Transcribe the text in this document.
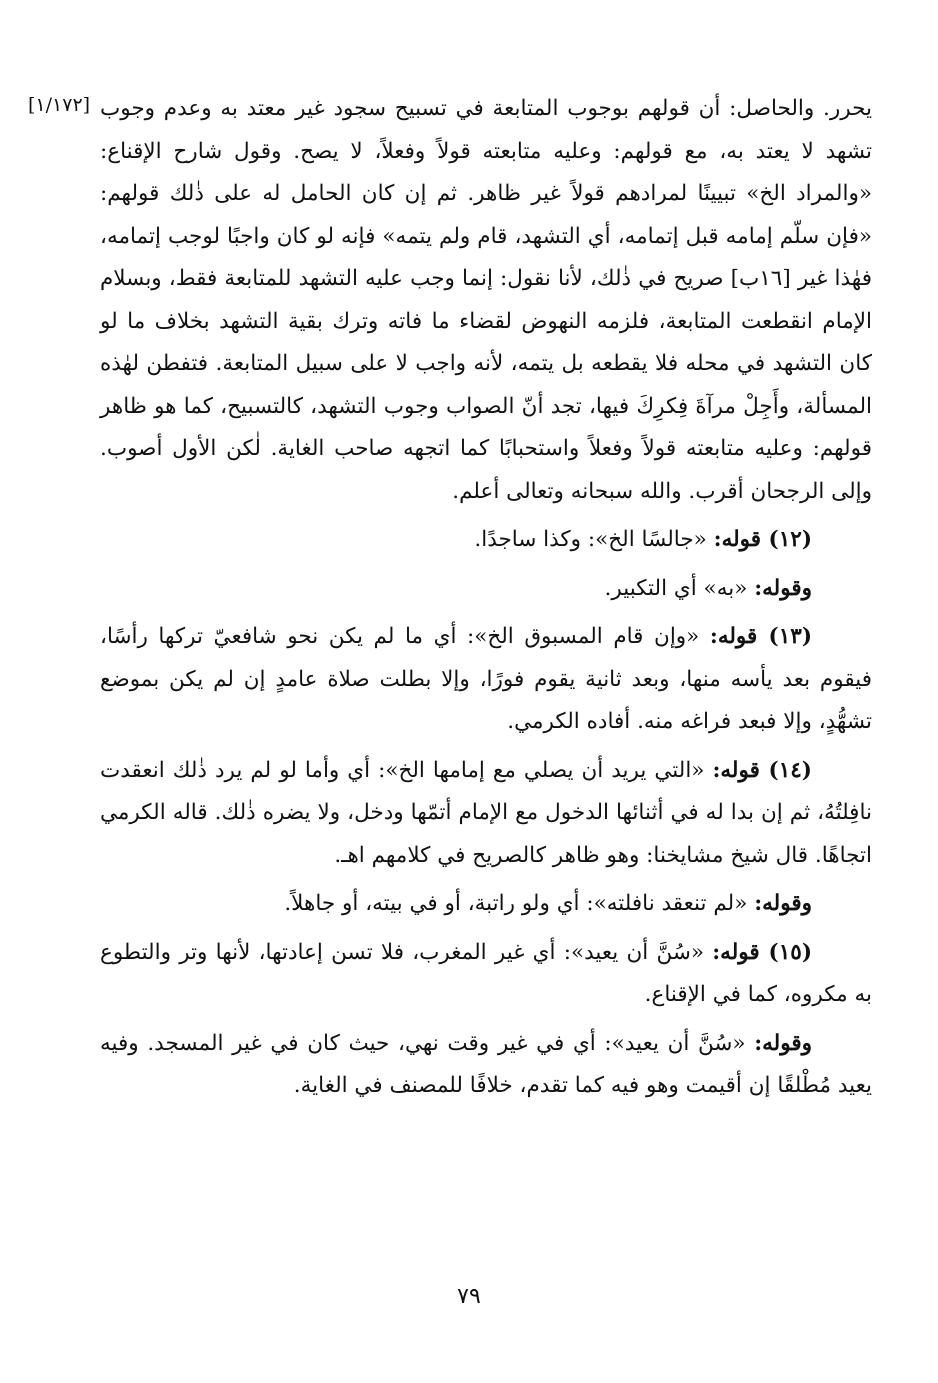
[١/١٧٢] يحرر. والحاصل: أن قولهم بوجوب المتابعة في تسبيح سجود غير معتد به وعدم وجوب تشهد لا يعتد به، مع قولهم: وعليه متابعته قولاً وفعلاً، لا يصح. وقول شارح الإقناع: «والمراد الخ» تبيينًا لمرادهم قولاً غير ظاهر. ثم إن كان الحامل له على ذٰلك قولهم: «فإن سلّم إمامه قبل إتمامه، أي التشهد، قام ولم يتمه» فإنه لو كان واجبًا لوجب إتمامه، فهٰذا غير [١٦ب] صريح في ذٰلك، لأنا نقول: إنما وجب عليه التشهد للمتابعة فقط، وبسلام الإمام انقطعت المتابعة، فلزمه النهوض لقضاء ما فاته وترك بقية التشهد بخلاف ما لو كان التشهد في محله فلا يقطعه بل يتمه، لأنه واجب لا على سبيل المتابعة. فتفطن لهٰذه المسألة، وأَجِلْ مرآةَ فِكرِكَ فيها، تجد أنّ الصواب وجوب التشهد، كالتسبيح، كما هو ظاهر قولهم: وعليه متابعته قولاً وفعلاً واستحبابًا كما اتجهه صاحب الغاية. لٰكن الأول أصوب. وإلى الرجحان أقرب. والله سبحانه وتعالى أعلم.

(١٢) قوله: «جالسًا الخ»: وكذا ساجدًا.

وقوله: «به» أي التكبير.

(١٣) قوله: «وإن قام المسبوق الخ»: أي ما لم يكن نحو شافعيّ تركها رأسًا، فيقوم بعد يأسه منها، وبعد ثانية يقوم فورًا، وإلا بطلت صلاة عامدٍ إن لم يكن بموضع تشهُّدٍ، وإلا فبعد فراغه منه. أفاده الكرمي.

(١٤) قوله: «التي يريد أن يصلي مع إمامها الخ»: أي وأما لو لم يرد ذٰلك انعقدت نافِلتُهُ، ثم إن بدا له في أثنائها الدخول مع الإمام أتمّها ودخل، ولا يضره ذٰلك. قاله الكرمي اتجاهًا. قال شيخ مشايخنا: وهو ظاهر كالصريح في كلامهم اهـ.

وقوله: «لم تنعقد نافلته»: أي ولو راتبة، أو في بيته، أو جاهلاً.

(١٥) قوله: «سُنَّ أن يعيد»: أي غير المغرب، فلا تسن إعادتها، لأنها وتر والتطوع به مكروه، كما في الإقناع.

وقوله: «سُنَّ أن يعيد»: أي في غير وقت نهي، حيث كان في غير المسجد. وفيه يعيد مُطْلقًا إن أقيمت وهو فيه كما تقدم، خلافًا للمصنف في الغاية.

٧٩
